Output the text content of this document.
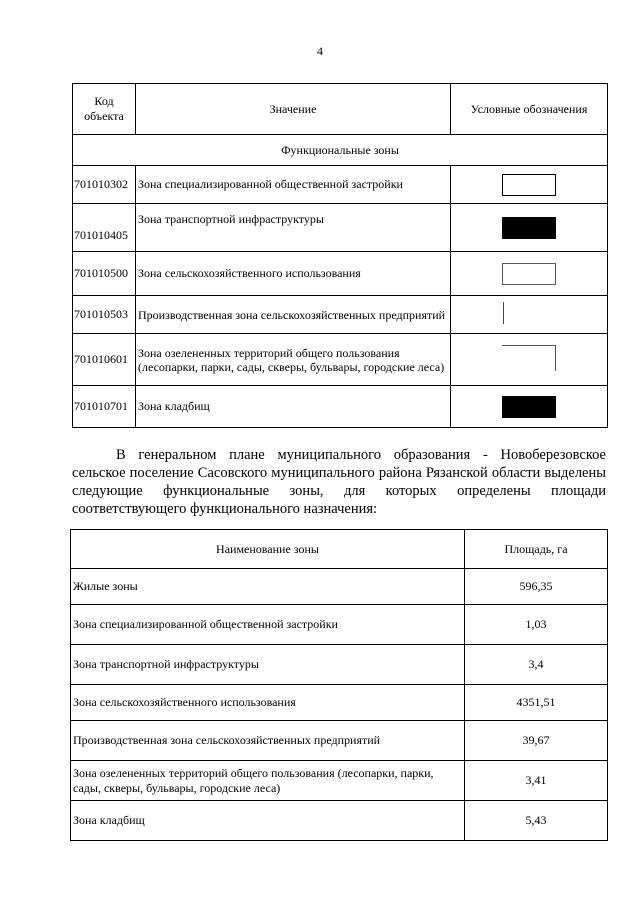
4
Код объекта	Значение	Условные обозначения
Функциональные зоны		
701010302	Зона специализированной общественной застройки	
701010405	Зона транспортной инфраструктуры	
701010500	Зона сельскохозяйственного использования	
701010503	Производственная зона сельскохозяйственных предприятий	
701010601	Зона озелененных территорий общего пользования (лесопарки, парки, сады, скверы, бульвары, городские леса)	
701010701	Зона кладбищ	
В генеральном плане муниципального образования - Новоберезовское сельское поселение Сасовского муниципального района Рязанской области выделены следующие функциональные зоны, для которых определены площади соответствующего функционального назначения:
Наименование зоны	Площадь, га
Жилые зоны	596,35
Зона специализированной общественной застройки	1,03
Зона транспортной инфраструктуры	3,4
Зона сельскохозяйственного использования	4351,51
Производственная зона сельскохозяйственных предприятий	39,67
Зона озелененных территорий общего пользования (лесопарки, парки, сады, скверы, бульвары, городские леса)	3,41
Зона кладбищ	5,43
